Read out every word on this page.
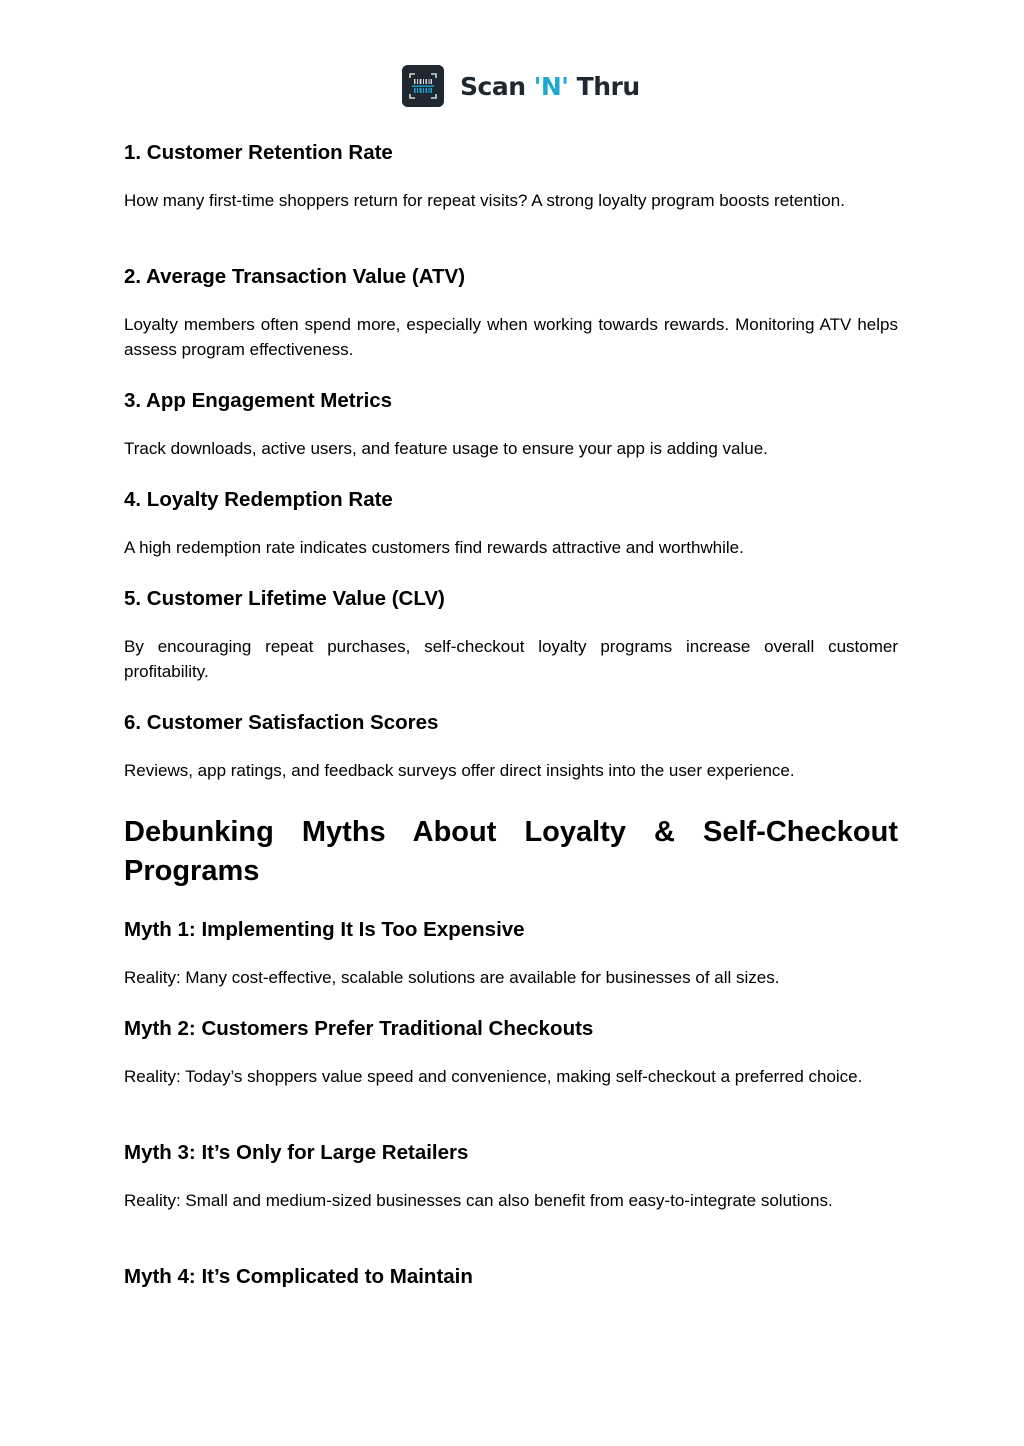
Scan 'N' Thru
1. Customer Retention Rate

How many first-time shoppers return for repeat visits? A strong loyalty program boosts retention.

2. Average Transaction Value (ATV)

Loyalty members often spend more, especially when working towards rewards. Monitoring ATV helps assess program effectiveness.

3. App Engagement Metrics

Track downloads, active users, and feature usage to ensure your app is adding value.

4. Loyalty Redemption Rate

A high redemption rate indicates customers find rewards attractive and worthwhile.

5. Customer Lifetime Value (CLV)

By encouraging repeat purchases, self-checkout loyalty programs increase overall customer profitability.

6. Customer Satisfaction Scores

Reviews, app ratings, and feedback surveys offer direct insights into the user experience.

Debunking Myths About Loyalty & Self-Checkout Programs
Myth 1: Implementing It Is Too Expensive

Reality: Many cost-effective, scalable solutions are available for businesses of all sizes.

Myth 2: Customers Prefer Traditional Checkouts

Reality: Today’s shoppers value speed and convenience, making self-checkout a preferred choice.

Myth 3: It’s Only for Large Retailers

Reality: Small and medium-sized businesses can also benefit from easy-to-integrate solutions.

Myth 4: It’s Complicated to Maintain
